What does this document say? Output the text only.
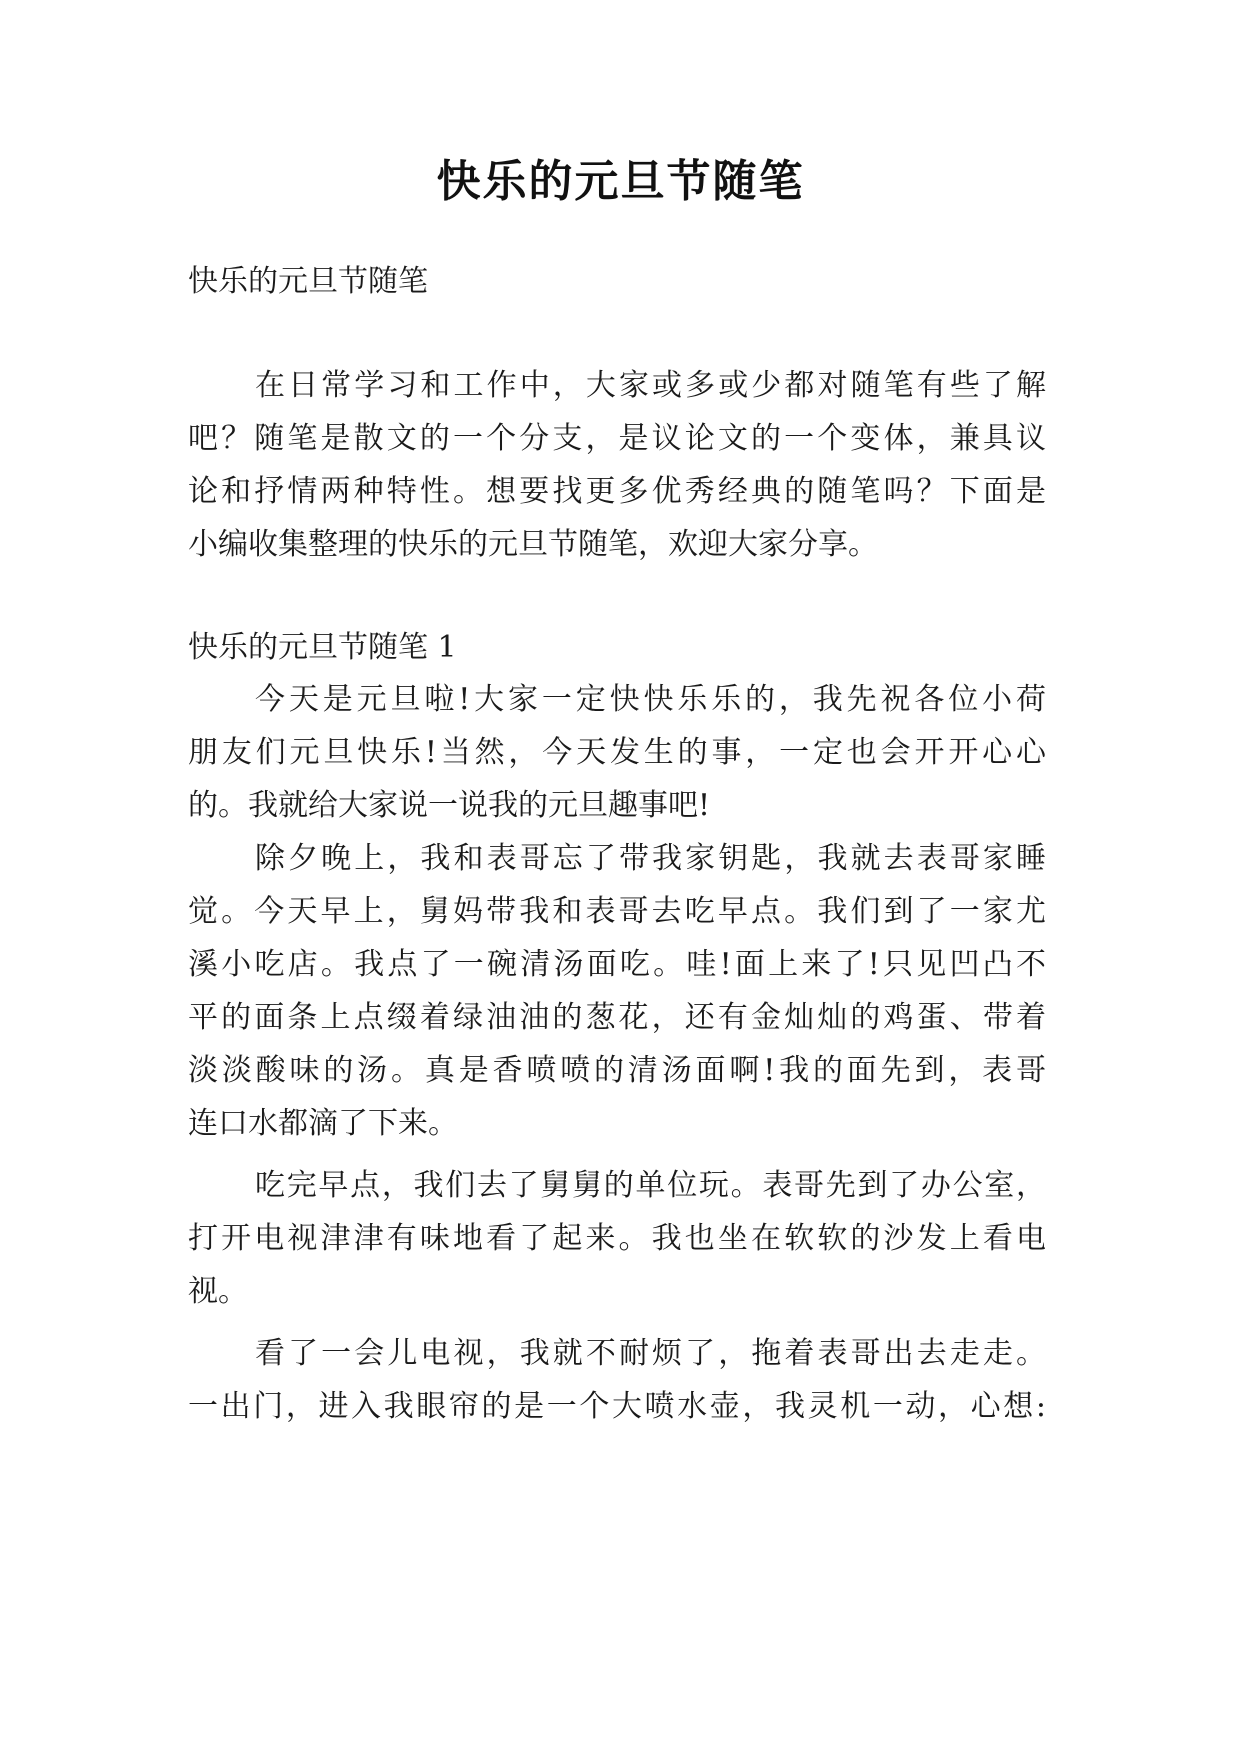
快乐的元旦节随笔

快乐的元旦节随笔

在日常学习和工作中，大家或多或少都对随笔有些了解

吧？随笔是散文的一个分支，是议论文的一个变体，兼具议

论和抒情两种特性。想要找更多优秀经典的随笔吗？下面是

小编收集整理的快乐的元旦节随笔，欢迎大家分享。

快乐的元旦节随笔 1

今天是元旦啦!大家一定快快乐乐的，我先祝各位小荷

朋友们元旦快乐!当然，今天发生的事，一定也会开开心心

的。我就给大家说一说我的元旦趣事吧!

除夕晚上，我和表哥忘了带我家钥匙，我就去表哥家睡

觉。今天早上，舅妈带我和表哥去吃早点。我们到了一家尤

溪小吃店。我点了一碗清汤面吃。哇!面上来了!只见凹凸不

平的面条上点缀着绿油油的葱花，还有金灿灿的鸡蛋、带着

淡淡酸味的汤。真是香喷喷的清汤面啊!我的面先到，表哥

连口水都滴了下来。

吃完早点，我们去了舅舅的单位玩。表哥先到了办公室，

打开电视津津有味地看了起来。我也坐在软软的沙发上看电

视。

看了一会儿电视，我就不耐烦了，拖着表哥出去走走。

一出门，进入我眼帘的是一个大喷水壶，我灵机一动，心想:
